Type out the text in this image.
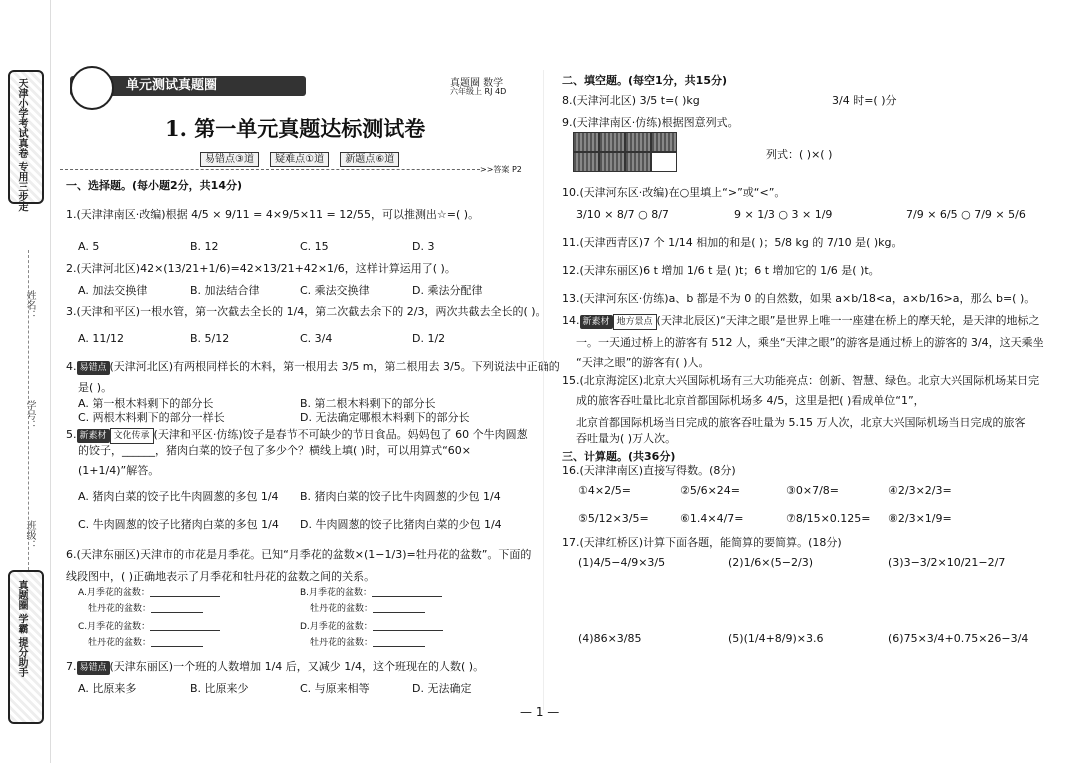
天津小学考试真卷 专用三步走
姓名：
学号：
班级：
真题圈 学霸 提分助手
单元测试真题圈	真题圈 数学
六年级上 RJ 4D
1. 第一单元真题达标测试卷
易错点③道 疑难点①道 新题点⑥道
>>答案 P2
一、选择题。(每小题2分，共14分)
1.(天津津南区·改编)根据 4/5 × 9/11 = 4×9/5×11 = 12/55，可以推测出☆=( )。
A. 5	B. 12	C. 15	D. 3
2.(天津河北区)42×(13/21+1/6)=42×13/21+42×1/6，这样计算运用了( )。
A. 加法交换律	B. 加法结合律	C. 乘法交换律	D. 乘法分配律
3.(天津和平区)一根水管，第一次截去全长的 1/4，第二次截去余下的 2/3，两次共截去全长的( )。
A. 11/12	B. 5/12	C. 3/4	D. 1/2
4. 易错点 (天津河北区)有两根同样长的木料，第一根用去 3/5 m，第二根用去 3/5。下列说法中正确的
是( )。
A. 第一根木料剩下的部分长	B. 第二根木料剩下的部分长
C. 两根木料剩下的部分一样长	D. 无法确定哪根木料剩下的部分长
5. 新素材 文化传承 (天津和平区·仿练)饺子是春节不可缺少的节日食品。妈妈包了 60 个牛肉圆葱
的饺子，______，猪肉白菜的饺子包了多少个？横线上填( )时，可以用算式“60×
(1+1/4)”解答。
A. 猪肉白菜的饺子比牛肉圆葱的多包 1/4 B. 猪肉白菜的饺子比牛肉圆葱的少包 1/4
C. 牛肉圆葱的饺子比猪肉白菜的多包 1/4 D. 牛肉圆葱的饺子比猪肉白菜的少包 1/4
6.(天津东丽区)天津市的市花是月季花。已知“月季花的盆数×(1−1/3)=牡丹花的盆数”。下面的
线段图中，( )正确地表示了月季花和牡丹花的盆数之间的关系。
A.月季花的盆数：
牡丹花的盆数：
B.月季花的盆数：
牡丹花的盆数：
C.月季花的盆数：
牡丹花的盆数：
D.月季花的盆数：
牡丹花的盆数：
7. 易错点 (天津东丽区)一个班的人数增加 1/4 后，又减少 1/4，这个班现在的人数( )。
A. 比原来多	B. 比原来少	C. 与原来相等	D. 无法确定
二、填空题。(每空1分，共15分)
8.(天津河北区) 3/5 t=( )kg	3/4 时=( )分
9.(天津津南区·仿练)根据图意列式。
列式：( )×( )
10.(天津河东区·改编)在○里填上“>”或“<”。
3/10 × 8/7 ○ 8/7	9 × 1/3 ○ 3 × 1/9	7/9 × 6/5 ○ 7/9 × 5/6
11.(天津西青区)7 个 1/14 相加的和是( )；5/8 kg 的 7/10 是( )kg。
12.(天津东丽区)6 t 增加 1/6 t 是( )t；6 t 增加它的 1/6 是( )t。
13.(天津河东区·仿练)a、b 都是不为 0 的自然数，如果 a×b/18<a，a×b/16>a，那么 b=( )。
14. 新素材 地方景点 (天津北辰区)“天津之眼”是世界上唯一一座建在桥上的摩天轮，是天津的地标之
一。一天通过桥上的游客有 512 人，乘坐“天津之眼”的游客是通过桥上的游客的 3/4，这天乘坐
“天津之眼”的游客有( )人。
15.(北京海淀区)北京大兴国际机场有三大功能亮点：创新、智慧、绿色。北京大兴国际机场某日完
成的旅客吞吐量比北京首都国际机场多 4/5，这里是把( )看成单位“1”，
北京首都国际机场当日完成的旅客吞吐量为 5.15 万人次，北京大兴国际机场当日完成的旅客
吞吐量为( )万人次。
三、计算题。(共36分)
16.(天津津南区)直接写得数。(8分)
①4×2/5=	②5/6×24=	③0×7/8=	④2/3×2/3=
⑤5/12×3/5=	⑥1.4×4/7=	⑦8/15×0.125= ⑧2/3×1/9=
17.(天津红桥区)计算下面各题，能简算的要简算。(18分)
(1)4/5−4/9×3/5	(2)1/6×(5−2/3)	(3)3−3/2×10/21−2/7
(4)86×3/85	(5)(1/4+8/9)×3.6	(6)75×3/4+0.75×26−3/4
— 1 —
